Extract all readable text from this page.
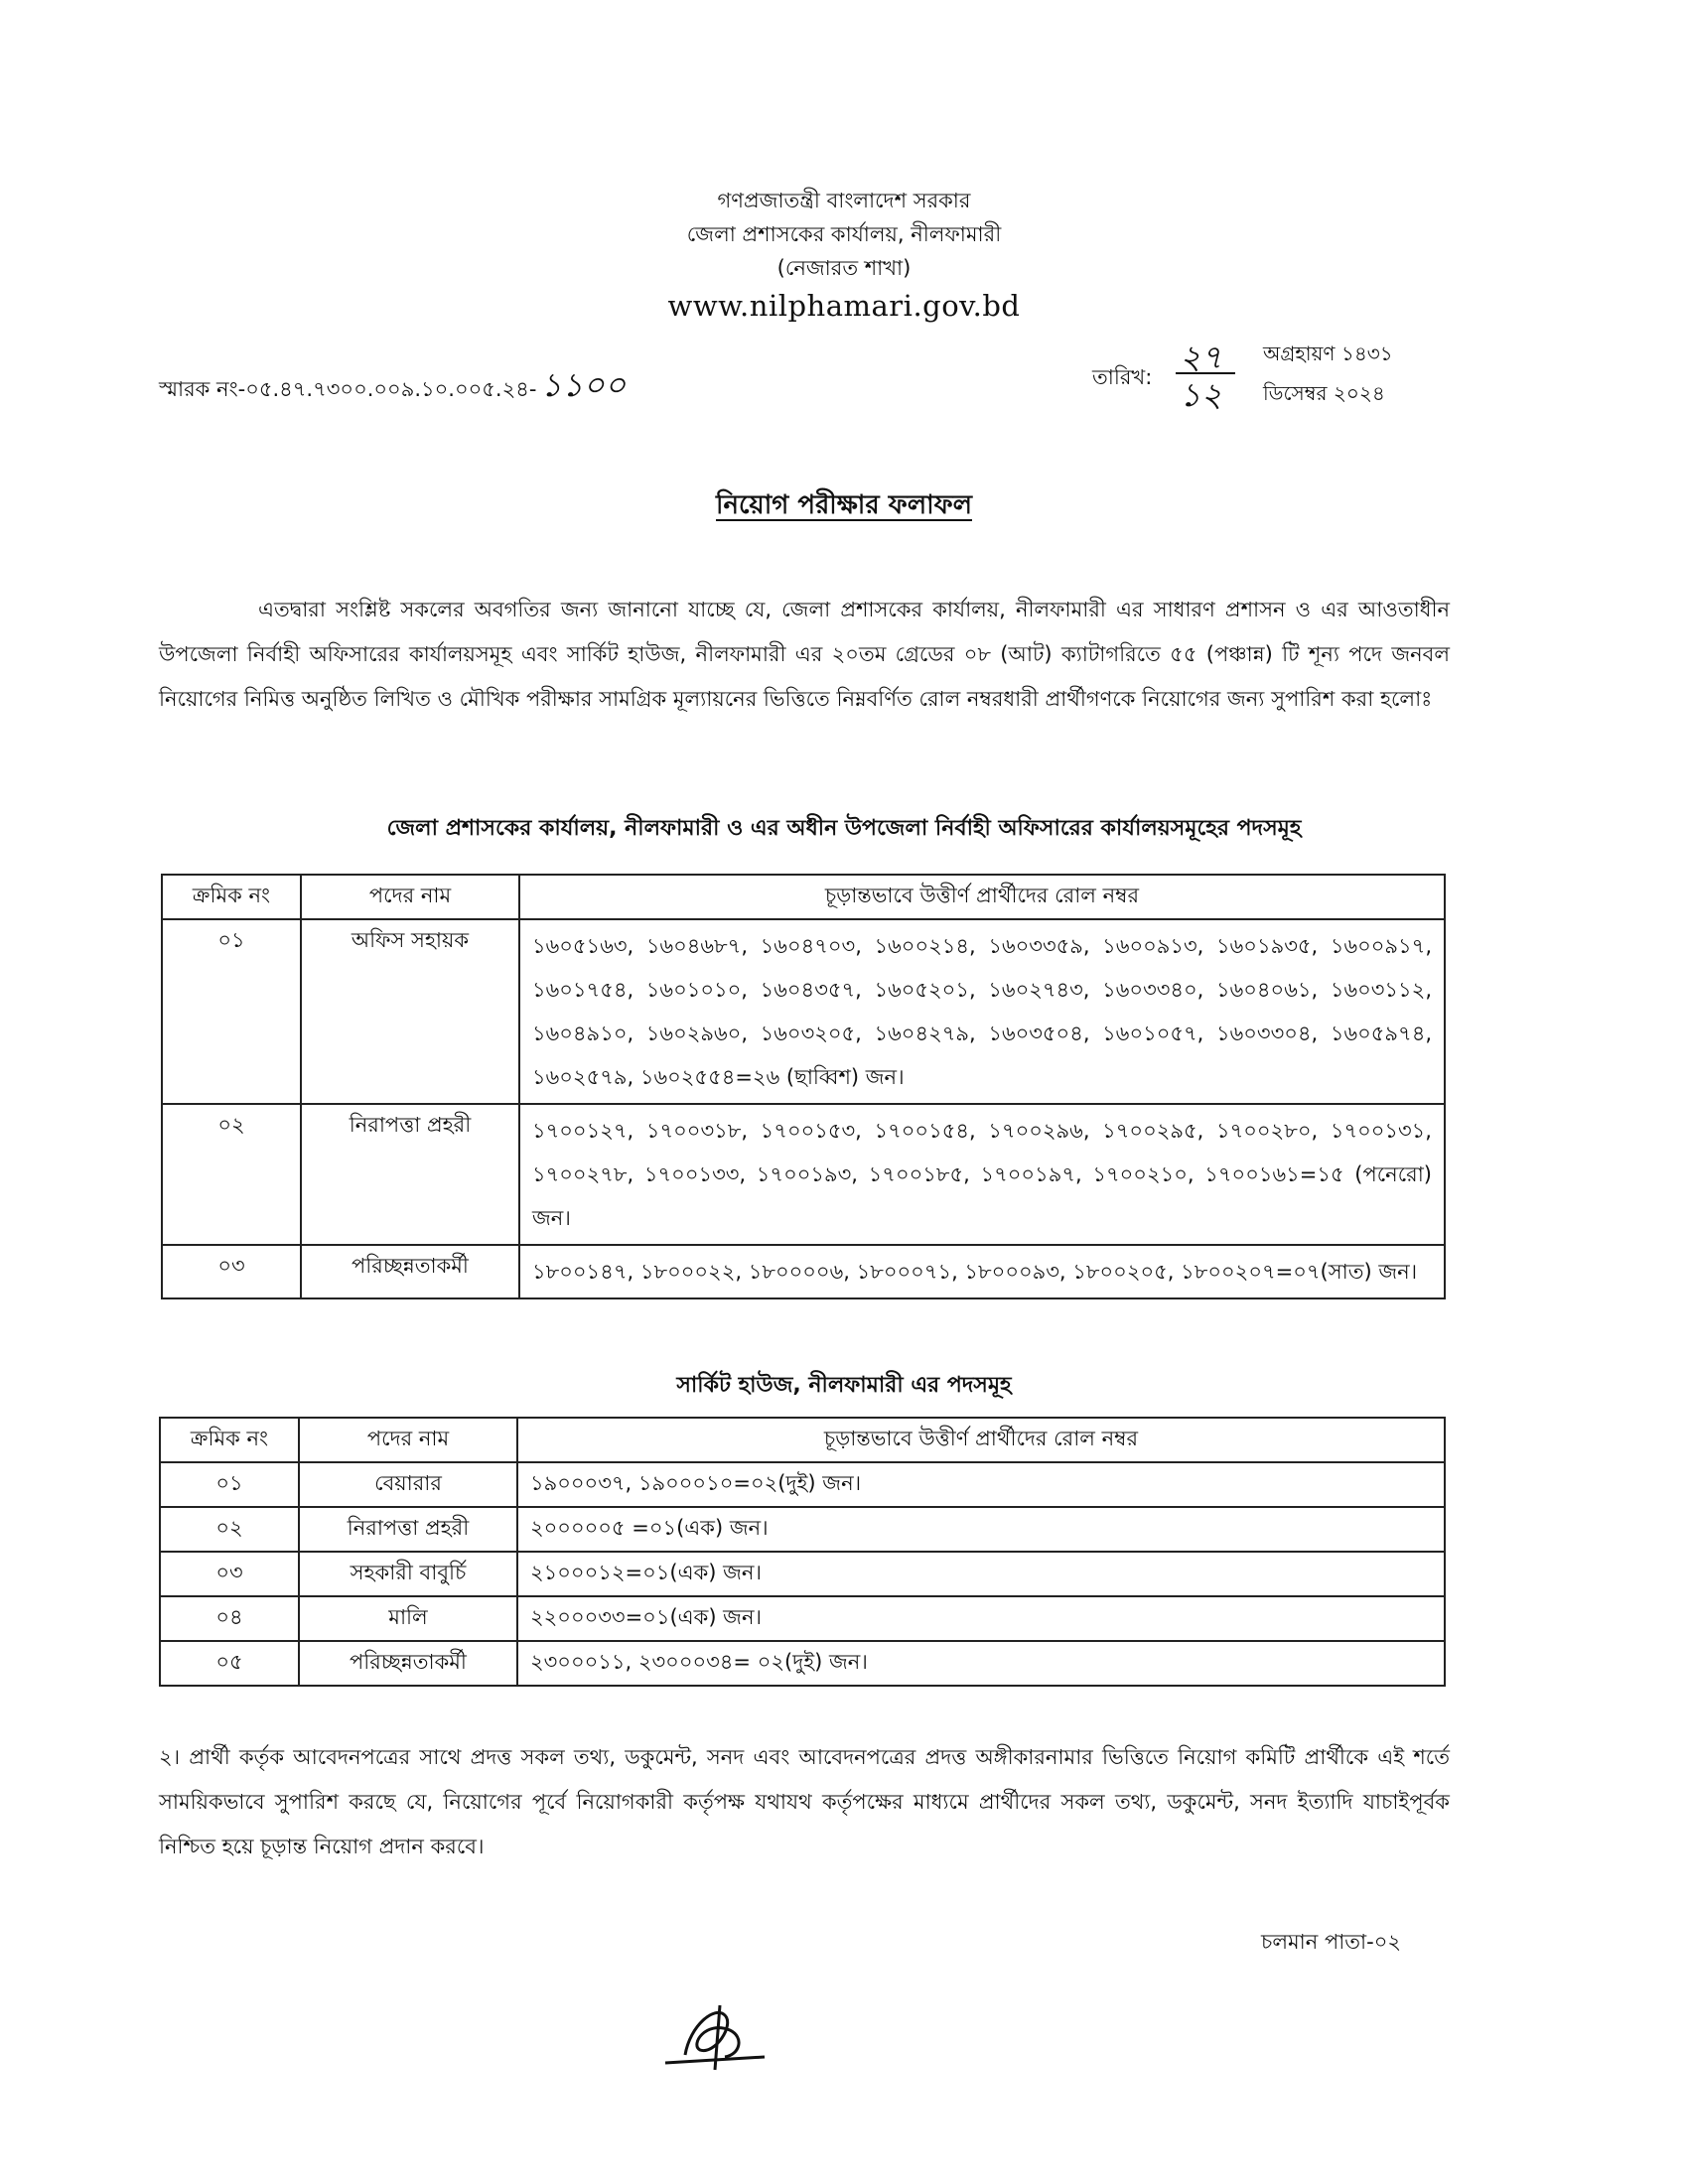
গণপ্রজাতন্ত্রী বাংলাদেশ সরকার
জেলা প্রশাসকের কার্যালয়, নীলফামারী
(নেজারত শাখা)
www.nilphamari.gov.bd
স্মারক নং-০৫.৪৭.৭৩০০.০০৯.১০.০০৫.২৪- ১১০০	তারিখ:
২৭
১২
অগ্রহায়ণ ১৪৩১
ডিসেম্বর ২০২৪
নিয়োগ পরীক্ষার ফলাফল
এতদ্বারা সংশ্লিষ্ট সকলের অবগতির জন্য জানানো যাচ্ছে যে, জেলা প্রশাসকের কার্যালয়, নীলফামারী এর সাধারণ প্রশাসন ও এর আওতাধীন উপজেলা নির্বাহী অফিসারের কার্যালয়সমূহ এবং সার্কিট হাউজ, নীলফামারী এর ২০তম গ্রেডের ০৮ (আট) ক্যাটাগরিতে ৫৫ (পঞ্চান্ন) টি শূন্য পদে জনবল নিয়োগের নিমিত্ত অনুষ্ঠিত লিখিত ও মৌখিক পরীক্ষার সামগ্রিক মূল্যায়নের ভিত্তিতে নিম্নবর্ণিত রোল নম্বরধারী প্রার্থীগণকে নিয়োগের জন্য সুপারিশ করা হলোঃ
জেলা প্রশাসকের কার্যালয়, নীলফামারী ও এর অধীন উপজেলা নির্বাহী অফিসারের কার্যালয়সমূহের পদসমূহ
ক্রমিক নং	পদের নাম	চূড়ান্তভাবে উত্তীর্ণ প্রার্থীদের রোল নম্বর
০১	অফিস সহায়ক	১৬০৫১৬৩, ১৬০৪৬৮৭, ১৬০৪৭০৩, ১৬০০২১৪, ১৬০৩৩৫৯, ১৬০০৯১৩, ১৬০১৯৩৫, ১৬০০৯১৭, ১৬০১৭৫৪, ১৬০১০১০, ১৬০৪৩৫৭, ১৬০৫২০১, ১৬০২৭৪৩, ১৬০৩৩৪০, ১৬০৪০৬১, ১৬০৩১১২, ১৬০৪৯১০, ১৬০২৯৬০, ১৬০৩২০৫, ১৬০৪২৭৯, ১৬০৩৫০৪, ১৬০১০৫৭, ১৬০৩৩০৪, ১৬০৫৯৭৪, ১৬০২৫৭৯, ১৬০২৫৫৪=২৬ (ছাব্বিশ) জন।
০২	নিরাপত্তা প্রহরী	১৭০০১২৭, ১৭০০৩১৮, ১৭০০১৫৩, ১৭০০১৫৪, ১৭০০২৯৬, ১৭০০২৯৫, ১৭০০২৮০, ১৭০০১৩১, ১৭০০২৭৮, ১৭০০১৩৩, ১৭০০১৯৩, ১৭০০১৮৫, ১৭০০১৯৭, ১৭০০২১০, ১৭০০১৬১=১৫ (পনেরো) জন।
০৩	পরিচ্ছন্নতাকর্মী	১৮০০১৪৭, ১৮০০০২২, ১৮০০০০৬, ১৮০০০৭১, ১৮০০০৯৩, ১৮০০২০৫, ১৮০০২০৭=০৭(সাত) জন।
সার্কিট হাউজ, নীলফামারী এর পদসমূহ
ক্রমিক নং	পদের নাম	চূড়ান্তভাবে উত্তীর্ণ প্রার্থীদের রোল নম্বর
০১	বেয়ারার	১৯০০০৩৭, ১৯০০০১০=০২(দুই) জন।
০২	নিরাপত্তা প্রহরী	২০০০০০৫ =০১(এক) জন।
০৩	সহকারী বাবুর্চি	২১০০০১২=০১(এক) জন।
০৪	মালি	২২০০০৩৩=০১(এক) জন।
০৫	পরিচ্ছন্নতাকর্মী	২৩০০০১১, ২৩০০০৩৪= ০২(দুই) জন।
২। প্রার্থী কর্তৃক আবেদনপত্রের সাথে প্রদত্ত সকল তথ্য, ডকুমেন্ট, সনদ এবং আবেদনপত্রের প্রদত্ত অঙ্গীকারনামার ভিত্তিতে নিয়োগ কমিটি প্রার্থীকে এই শর্তে সাময়িকভাবে সুপারিশ করছে যে, নিয়োগের পূর্বে নিয়োগকারী কর্তৃপক্ষ যথাযথ কর্তৃপক্ষের মাধ্যমে প্রার্থীদের সকল তথ্য, ডকুমেন্ট, সনদ ইত্যাদি যাচাইপূর্বক নিশ্চিত হয়ে চূড়ান্ত নিয়োগ প্রদান করবে।
চলমান পাতা-০২
